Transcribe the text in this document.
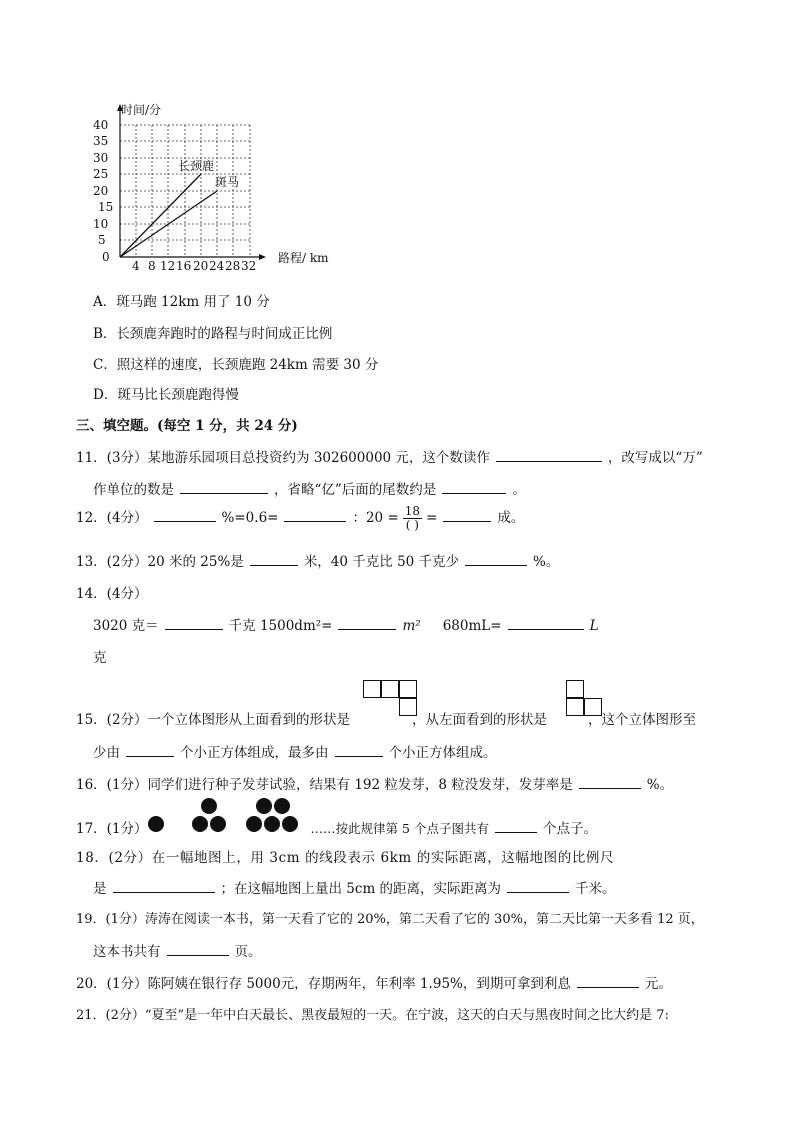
时间/分
路程/ km
长颈鹿
斑马
40
35
30
25
20
15
10
5
0
4 8 12 16 20 24 28 32
A．斑马跑 12km 用了 10 分
B．长颈鹿奔跑时的路程与时间成正比例
C．照这样的速度，长颈鹿跑 24km 需要 30 分
D．斑马比长颈鹿跑得慢
三、填空题。(每空 1 分，共 24 分)
11．(3分）某地游乐园项目总投资约为 302600000 元，这个数读作	，改写成以“万”
作单位的数是	，省略“亿”后面的尾数约是	。
12．(4分）	%=0.6=	：$20 = \frac{18}{( )}$ =	成。
13．(2分）20 米的 25%是	米，40 千克比 50 千克少	%。
14．(4分）
3020 克＝	千克 1500dm²=	m² 680mL=	L
克
15．(2分）一个立体图形从上面看到的形状是	，从左面看到的形状是	，这个立体图形至
少由	个小正方体组成，最多由	个小正方体组成。
16．(1分）同学们进行种子发芽试验，结果有 192 粒发芽，8 粒没发芽，发芽率是	%。
17．(1分）	……按此规律第 5 个点子图共有	个点子。
18．(2分）在一幅地图上，用 3cm 的线段表示 6km 的实际距离，这幅地图的比例尺
是	；在这幅地图上量出 5cm 的距离，实际距离为	千米。
19．(1分）涛涛在阅读一本书，第一天看了它的 20%，第二天看了它的 30%，第二天比第一天多看 12 页，
这本书共有	页。
20．(1分）陈阿姨在银行存 5000元，存期两年，年利率 1.95%，到期可拿到利息	元。
21．(2分）“夏至”是一年中白天最长、黑夜最短的一天。在宁波，这天的白天与黑夜时间之比大约是 7:
